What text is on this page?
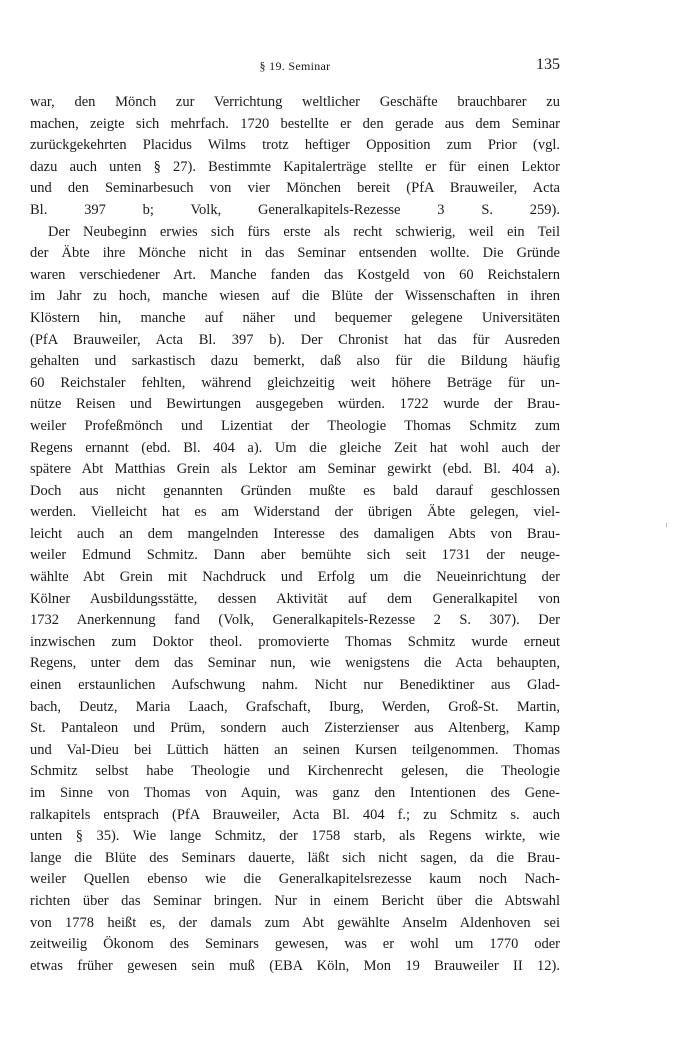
§ 19. Seminar	135
war, den Mönch zur Verrichtung weltlicher Geschäfte brauchbarer zu
machen, zeigte sich mehrfach. 1720 bestellte er den gerade aus dem Seminar
zurückgekehrten Placidus Wilms trotz heftiger Opposition zum Prior (vgl.
dazu auch unten § 27). Bestimmte Kapitalerträge stellte er für einen Lektor
und den Seminarbesuch von vier Mönchen bereit (PfA Brauweiler, Acta
Bl. 397 b; Volk, Generalkapitels-Rezesse 3 S. 259).
Der Neubeginn erwies sich fürs erste als recht schwierig, weil ein Teil
der Äbte ihre Mönche nicht in das Seminar entsenden wollte. Die Gründe
waren verschiedener Art. Manche fanden das Kostgeld von 60 Reichstalern
im Jahr zu hoch, manche wiesen auf die Blüte der Wissenschaften in ihren
Klöstern hin, manche auf näher und bequemer gelegene Universitäten
(PfA Brauweiler, Acta Bl. 397 b). Der Chronist hat das für Ausreden
gehalten und sarkastisch dazu bemerkt, daß also für die Bildung häufig
60 Reichstaler fehlten, während gleichzeitig weit höhere Beträge für un-
nütze Reisen und Bewirtungen ausgegeben würden. 1722 wurde der Brau-
weiler Profeßmönch und Lizentiat der Theologie Thomas Schmitz zum
Regens ernannt (ebd. Bl. 404 a). Um die gleiche Zeit hat wohl auch der
spätere Abt Matthias Grein als Lektor am Seminar gewirkt (ebd. Bl. 404 a).
Doch aus nicht genannten Gründen mußte es bald darauf geschlossen
werden. Vielleicht hat es am Widerstand der übrigen Äbte gelegen, viel-
leicht auch an dem mangelnden Interesse des damaligen Abts von Brau-
weiler Edmund Schmitz. Dann aber bemühte sich seit 1731 der neuge-
wählte Abt Grein mit Nachdruck und Erfolg um die Neueinrichtung der
Kölner Ausbildungsstätte, dessen Aktivität auf dem Generalkapitel von
1732 Anerkennung fand (Volk, Generalkapitels-Rezesse 2 S. 307). Der
inzwischen zum Doktor theol. promovierte Thomas Schmitz wurde erneut
Regens, unter dem das Seminar nun, wie wenigstens die Acta behaupten,
einen erstaunlichen Aufschwung nahm. Nicht nur Benediktiner aus Glad-
bach, Deutz, Maria Laach, Grafschaft, Iburg, Werden, Groß-St. Martin,
St. Pantaleon und Prüm, sondern auch Zisterzienser aus Altenberg, Kamp
und Val-Dieu bei Lüttich hätten an seinen Kursen teilgenommen. Thomas
Schmitz selbst habe Theologie und Kirchenrecht gelesen, die Theologie
im Sinne von Thomas von Aquin, was ganz den Intentionen des Gene-
ralkapitels entsprach (PfA Brauweiler, Acta Bl. 404 f.; zu Schmitz s. auch
unten § 35). Wie lange Schmitz, der 1758 starb, als Regens wirkte, wie
lange die Blüte des Seminars dauerte, läßt sich nicht sagen, da die Brau-
weiler Quellen ebenso wie die Generalkapitelsrezesse kaum noch Nach-
richten über das Seminar bringen. Nur in einem Bericht über die Abtswahl
von 1778 heißt es, der damals zum Abt gewählte Anselm Aldenhoven sei
zeitweilig Ökonom des Seminars gewesen, was er wohl um 1770 oder
etwas früher gewesen sein muß (EBA Köln, Mon 19 Brauweiler II 12).
